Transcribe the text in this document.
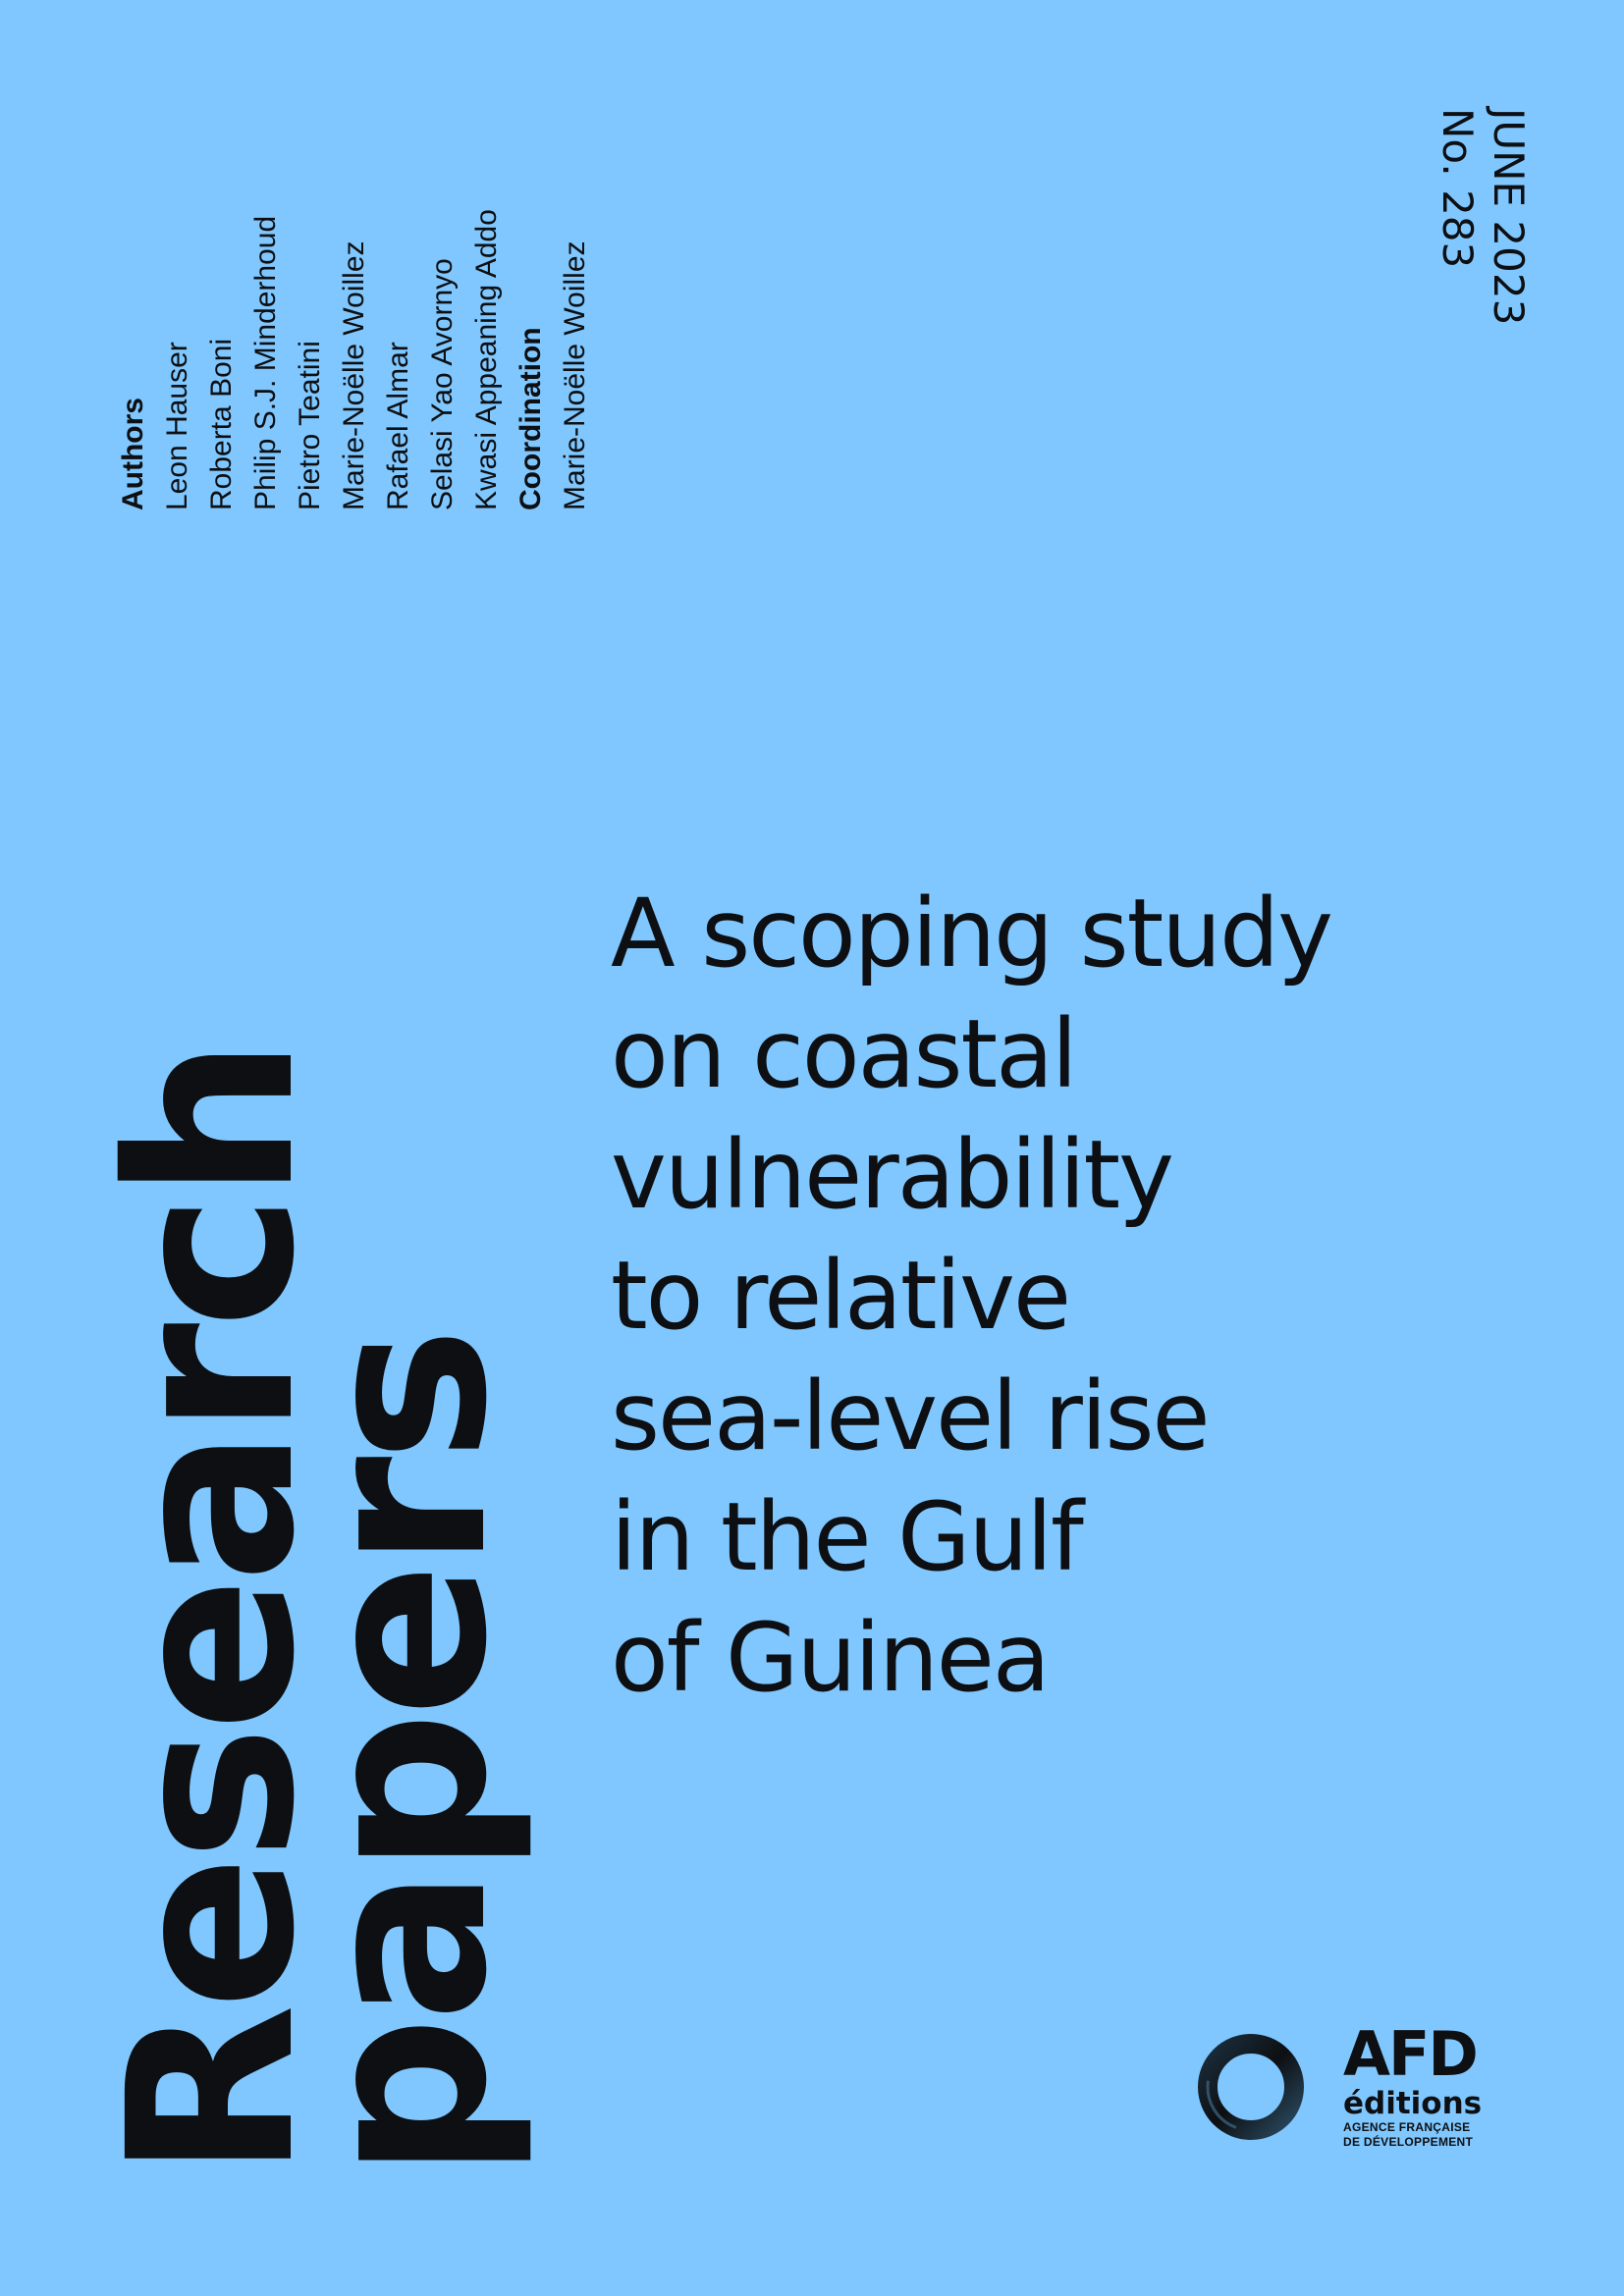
Authors Leon Hauser Roberta Boni Philip S.J. Minderhoud Pietro Teatini Marie-Noëlle Woillez Rafael Almar Selasi Yao Avornyo Kwasi Appeaning Addo Coordination Marie-Noëlle Woillez
JUNE 2023
No. 283
Research
papers
A scoping study
on coastal
vulnerability
to relative
sea-level rise
in the Gulf
of Guinea
AFD
éditions
AGENCE FRANÇAISE
DE DÉVELOPPEMENT
